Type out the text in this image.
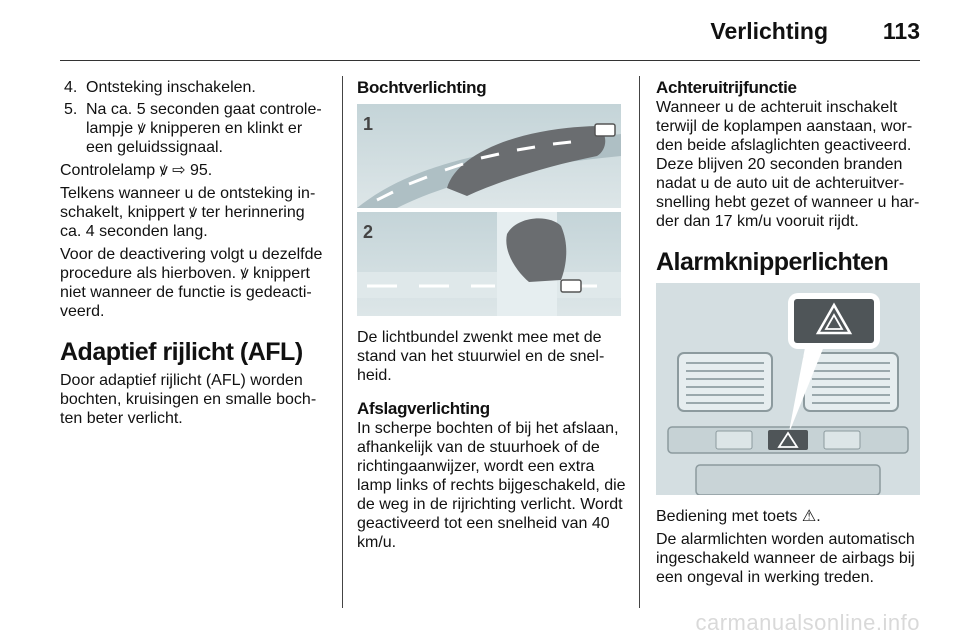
Verlichting 113
4. Ontsteking inschakelen.
5. Na ca. 5 seconden gaat controlelampje ꝟ knipperen en klinkt er een geluidssignaal.

Controlelamp ꝟ ⇨ 95.

Telkens wanneer u de ontsteking inschakelt, knippert ꝟ ter herinnering ca. 4 seconden lang.

Voor de deactivering volgt u dezelfde procedure als hierboven. ꝟ knippert niet wanneer de functie is gedeactiveerd.

Adaptief rijlicht (AFL)

Door adaptief rijlicht (AFL) worden bochten, kruisingen en smalle bochten beter verlicht.

Bochtverlichting
1
2

De lichtbundel zwenkt mee met de stand van het stuurwiel en de snelheid.

Afslagverlichting

In scherpe bochten of bij het afslaan, afhankelijk van de stuurhoek of de richtingaanwijzer, wordt een extra lamp links of rechts bijgeschakeld, die de weg in de rijrichting verlicht. Wordt geactiveerd tot een snelheid van 40 km/u.

Achteruitrijfunctie

Wanneer u de achteruit inschakelt terwijl de koplampen aanstaan, worden beide afslaglichten geactiveerd. Deze blijven 20 seconden branden nadat u de auto uit de achteruitversnelling hebt gezet of wanneer u harder dan 17 km/u vooruit rijdt.

Alarmknipperlichten

Bediening met toets ⚠.

De alarmlichten worden automatisch ingeschakeld wanneer de airbags bij een ongeval in werking treden.

carmanualsonline.info
